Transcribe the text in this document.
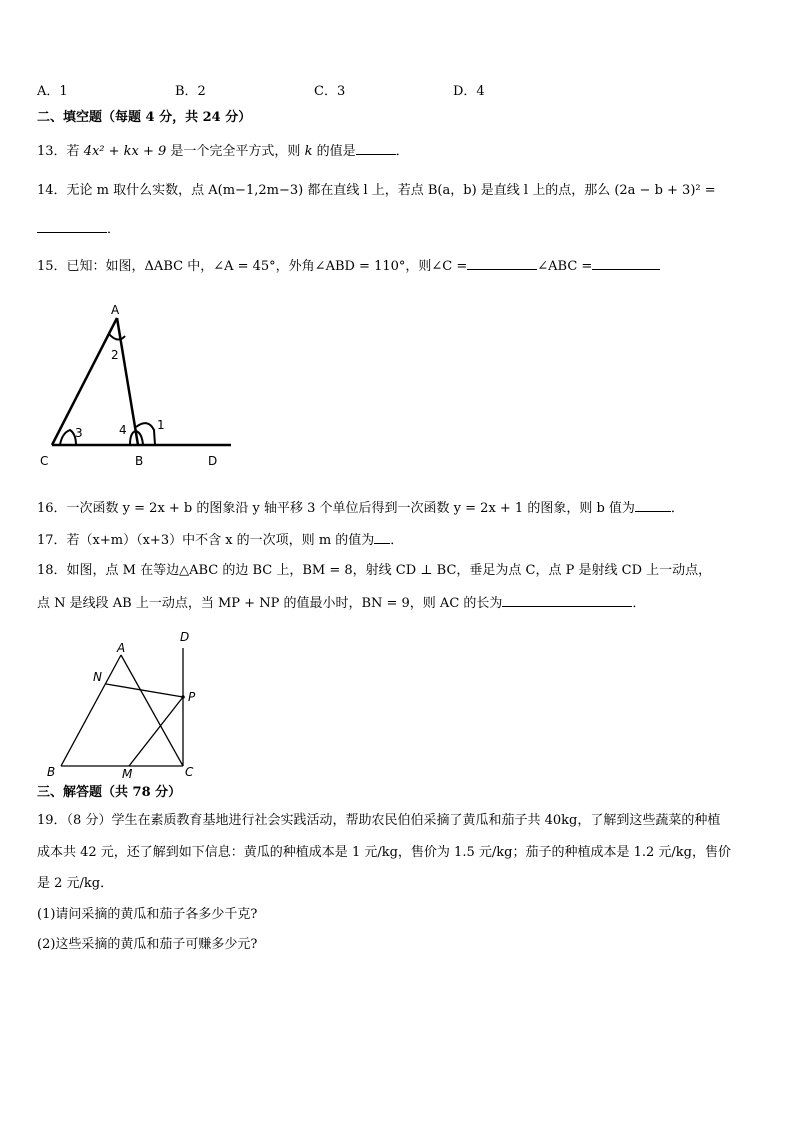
A．1	B．2	C．3	D．4
二、填空题（每题 4 分，共 24 分）
13．若 4x² + kx + 9 是一个完全平方式，则 k 的值是	．
14．无论 m 取什么实数，点 A(m−1,2m−3) 都在直线 l 上，若点 B(a，b) 是直线 l 上的点，那么 (2a − b + 3)² =
．
15．已知：如图，ΔABC 中，∠A = 45°，外角∠ABD = 110°，则∠C =	∠ABC =
A
2
1
4
3
C	B	D
16．一次函数 y = 2x + b 的图象沿 y 轴平移 3 个单位后得到一次函数 y = 2x + 1 的图象，则 b 值为	．
17．若（x+m）（x+3）中不含 x 的一次项，则 m 的值为 ．
18．如图，点 M 在等边△ABC 的边 BC 上，BM = 8，射线 CD ⊥ BC，垂足为点 C，点 P 是射线 CD 上一动点，
点 N 是线段 AB 上一动点，当 MP + NP 的值最小时，BN = 9，则 AC 的长为	．
A
D
N
P
B	M	C
三、解答题（共 78 分）
19．（8 分）学生在素质教育基地进行社会实践活动，帮助农民伯伯采摘了黄瓜和茄子共 40kg，了解到这些蔬菜的种植
成本共 42 元，还了解到如下信息：黄瓜的种植成本是 1 元/kg，售价为 1.5 元/kg；茄子的种植成本是 1.2 元/kg，售价
是 2 元/kg．
(1)请问采摘的黄瓜和茄子各多少千克?
(2)这些采摘的黄瓜和茄子可赚多少元?
